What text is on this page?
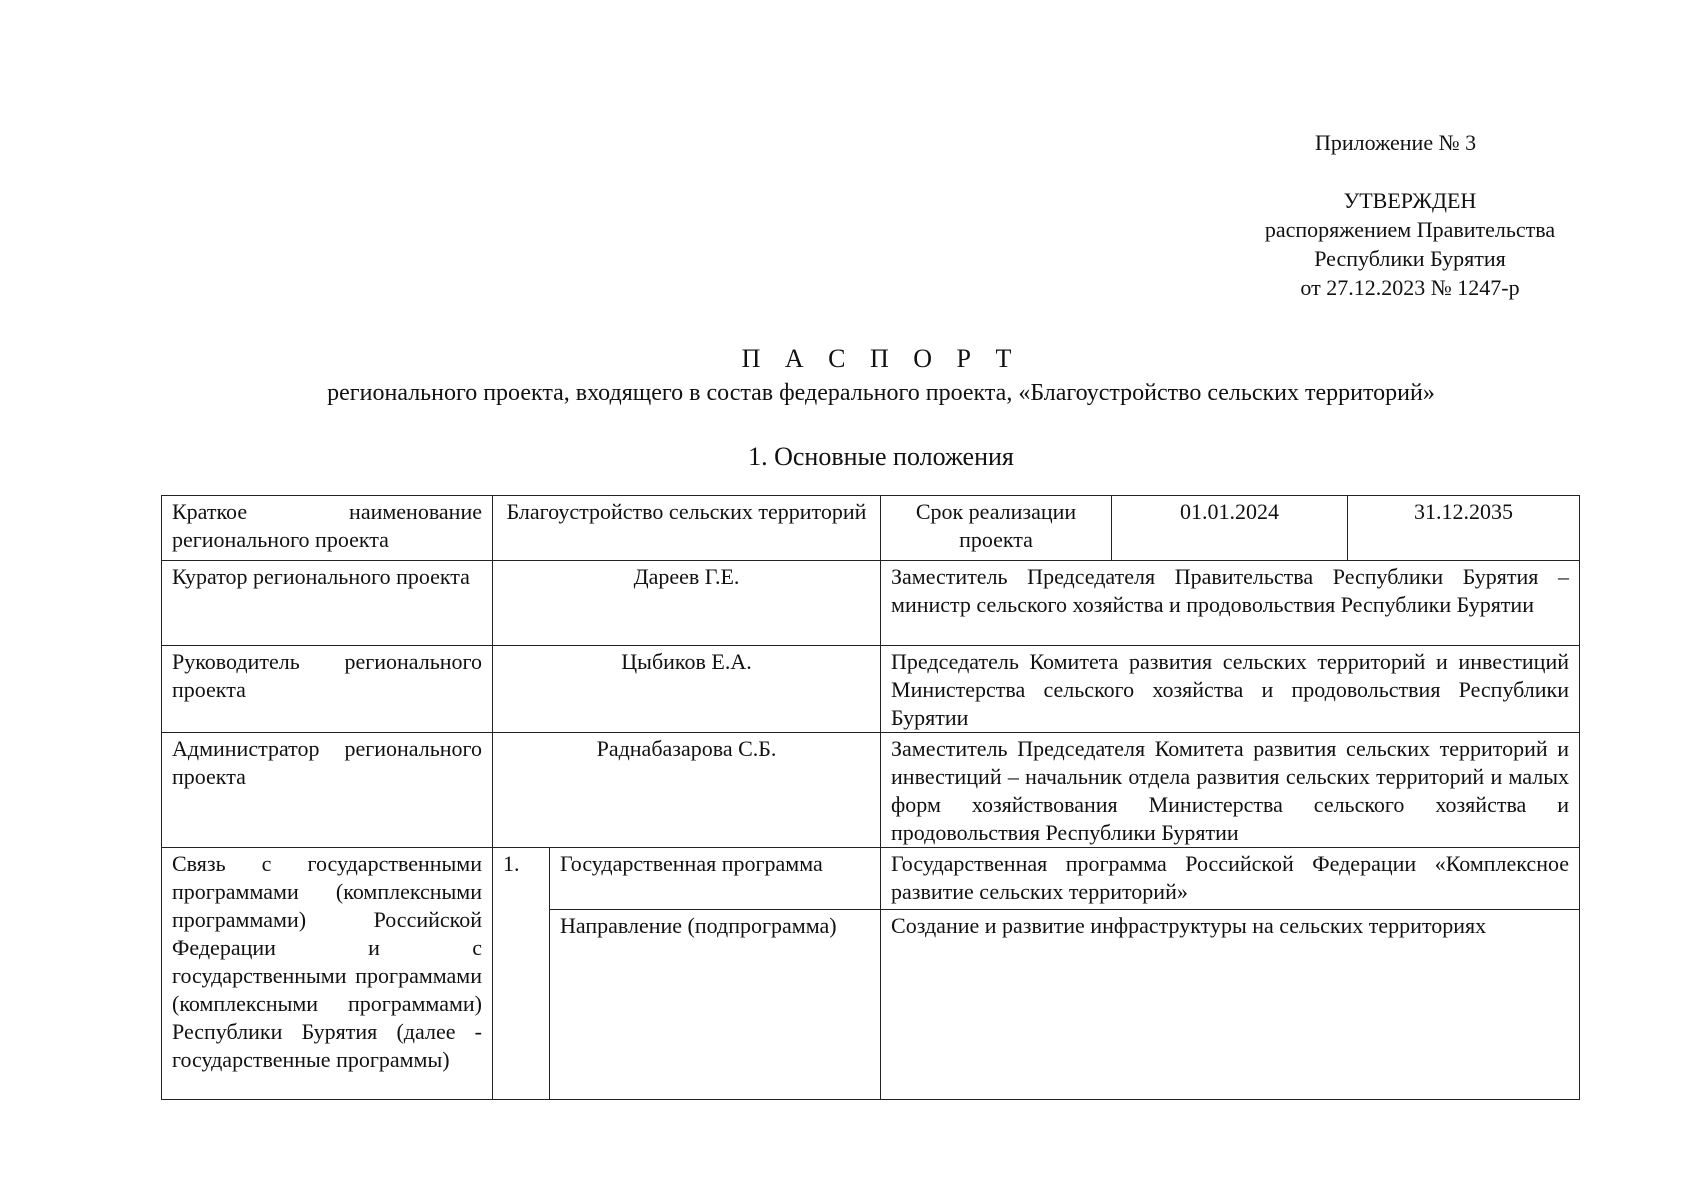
Приложение № 3
УТВЕРЖДЕН
распоряжением Правительства
Республики Бурятия
от 27.12.2023 № 1247-р
П А С П О Р Т
регионального проекта, входящего в состав федерального проекта, «Благоустройство сельских территорий»
1. Основные положения
Краткое наименование регионального проекта	Благоустройство сельских территорий		Срок реализации проекта	01.01.2024	31.12.2035
Куратор регионального проекта	Дареев Г.Е.		Заместитель Председателя Правительства Республики Бурятия – министр сельского хозяйства и продовольствия Республики Бурятии		
Руководитель регионального проекта	Цыбиков Е.А.		Председатель Комитета развития сельских территорий и инвестиций Министерства сельского хозяйства и продовольствия Республики Бурятии		
Администратор регионального проекта	Раднабазарова С.Б.		Заместитель Председателя Комитета развития сельских территорий и инвестиций – начальник отдела развития сельских территорий и малых форм хозяйствования Министерства сельского хозяйства и продовольствия Республики Бурятии		
Связь с государственными программами (комплексными программами) Российской Федерации и с государственными программами (комплексными программами) Республики Бурятия (далее - государственные программы)	1.	Государственная программа	Государственная программа Российской Федерации «Комплексное развитие сельских территорий»		
		Направление (подпрограмма)	Создание и развитие инфраструктуры на сельских территориях		
